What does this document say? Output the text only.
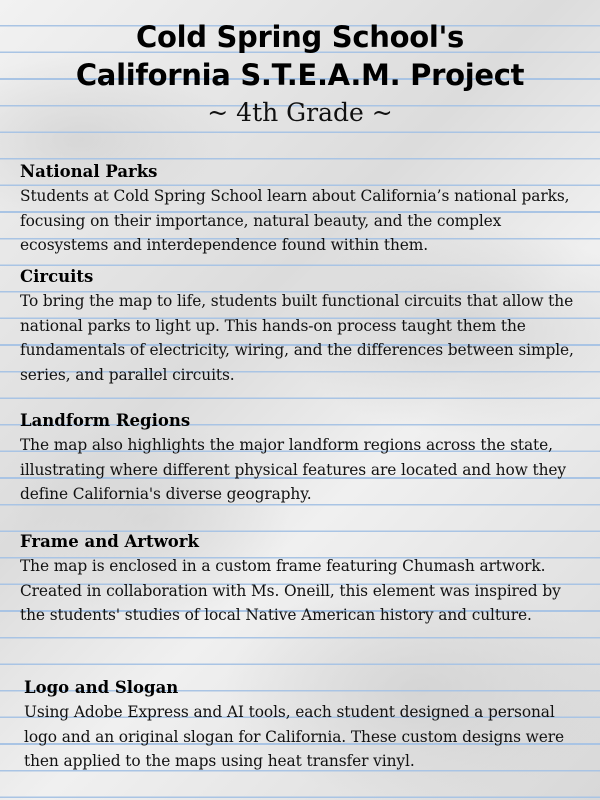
Cold Spring School's
California S.T.E.A.M. Project
~ 4th Grade ~
National Parks

Students at Cold Spring School learn about California’s national parks, focusing on their importance, natural beauty, and the complex ecosystems and interdependence found within them.

Circuits

To bring the map to life, students built functional circuits that allow the national parks to light up. This hands-on process taught them the fundamentals of electricity, wiring, and the differences between simple, series, and parallel circuits.

Landform Regions

The map also highlights the major landform regions across the state, illustrating where different physical features are located and how they define California's diverse geography.

Frame and Artwork

The map is enclosed in a custom frame featuring Chumash artwork. Created in collaboration with Ms. Oneill, this element was inspired by the students' studies of local Native American history and culture.

Logo and Slogan

Using Adobe Express and AI tools, each student designed a personal logo and an original slogan for California. These custom designs were then applied to the maps using heat transfer vinyl.
